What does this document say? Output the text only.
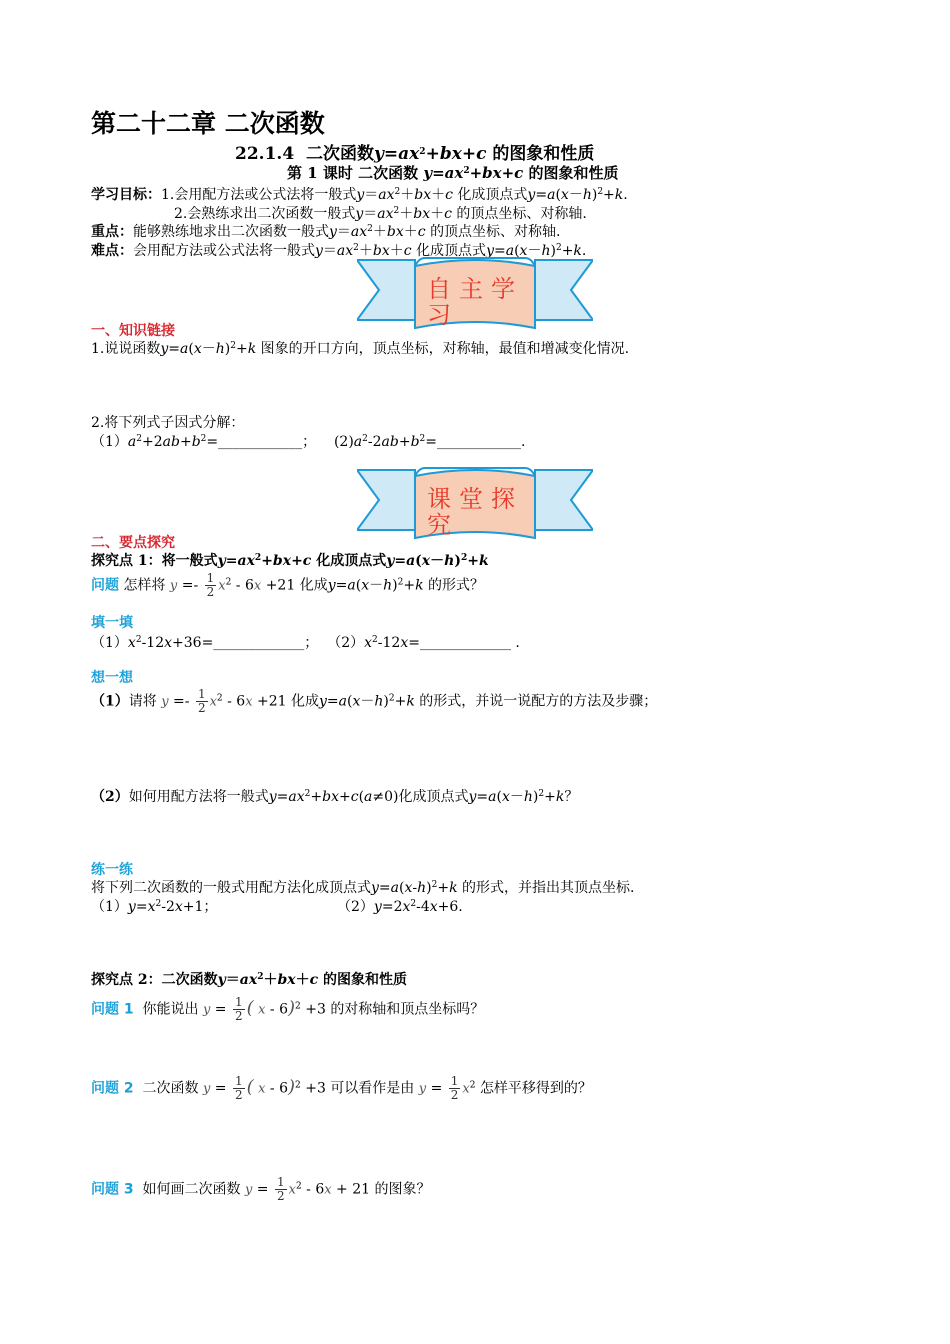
第二十二章 二次函数
22.1.4 二次函数$y=ax^2+bx+c$ 的图象和性质
第 1 课时 二次函数 $y=ax^2+bx+c$ 的图象和性质
学习目标：1.会用配方法或公式法将一般式$y=ax^2+bx+c$ 化成顶点式$y=a(x-h)^2+k$.
2.会熟练求出二次函数一般式$y=ax^2+bx+c$ 的顶点坐标、对称轴.
重点：能够熟练地求出二次函数一般式$y=ax^2+bx+c$ 的顶点坐标、对称轴.
难点：会用配方法或公式法将一般式$y=ax^2+bx+c$ 化成顶点式$y=a(x-h)^2+k$.
自主学习
一、知识链接
1.说说函数$y=a(x-h)^2+k$ 图象的开口方向，顶点坐标，对称轴，最值和增减变化情况.
2.将下列式子因式分解：
$(1)a^2+2ab+b^2=\_\_\_\_\_\_\_\_\_\_\_\_$； $(2)a^2-2ab+b^2=\_\_\_\_\_\_\_\_\_\_\_\_$.
课堂探究
二、要点探究
探究点 1：将一般式$y=ax^2+bx+c$ 化成顶点式$y=a(x-h)^2+k$
问题 怎样将 $y =- \frac{1}{2} x^2 - 6x +21$ 化成$y=a(x-h)^2+k$ 的形式？
填一填
$(1)x^2-12x+36=\_\_\_\_\_\_\_\_\_\_\_\_\_$； $(2)x^2-12x=\_\_\_\_\_\_\_\_\_\_\_\_\_$ .
想一想
（1）请将 $y =- \frac{1}{2} x^2 - 6x +21$ 化成$y=a(x-h)^2+k$ 的形式，并说一说配方的方法及步骤；
（2）如何用配方法将一般式$y=ax^2+bx+c(a\ne 0)$化成顶点式$y=a(x-h)^2+k$？
练一练
将下列二次函数的一般式用配方法化成顶点式$y=a(x-h)^2+k$ 的形式，并指出其顶点坐标.
$(1)y=x^2-2x+1$；	$(2)y=2x^2-4x+6$.
探究点 2：二次函数$y=ax^2+bx+c$ 的图象和性质
问题 1 你能说出 $y = \frac{1}{2}$ ( x - 6)$^2$ +3 的对称轴和顶点坐标吗？
问题 2 二次函数 $y = \frac{1}{2}$ ( x - 6)$^2$ +3 可以看作是由 $y = \frac{1}{2} x^2$ 怎样平移得到的？
问题 3 如何画二次函数 $y = \frac{1}{2} x^2 - 6x + 21$ 的图象？
